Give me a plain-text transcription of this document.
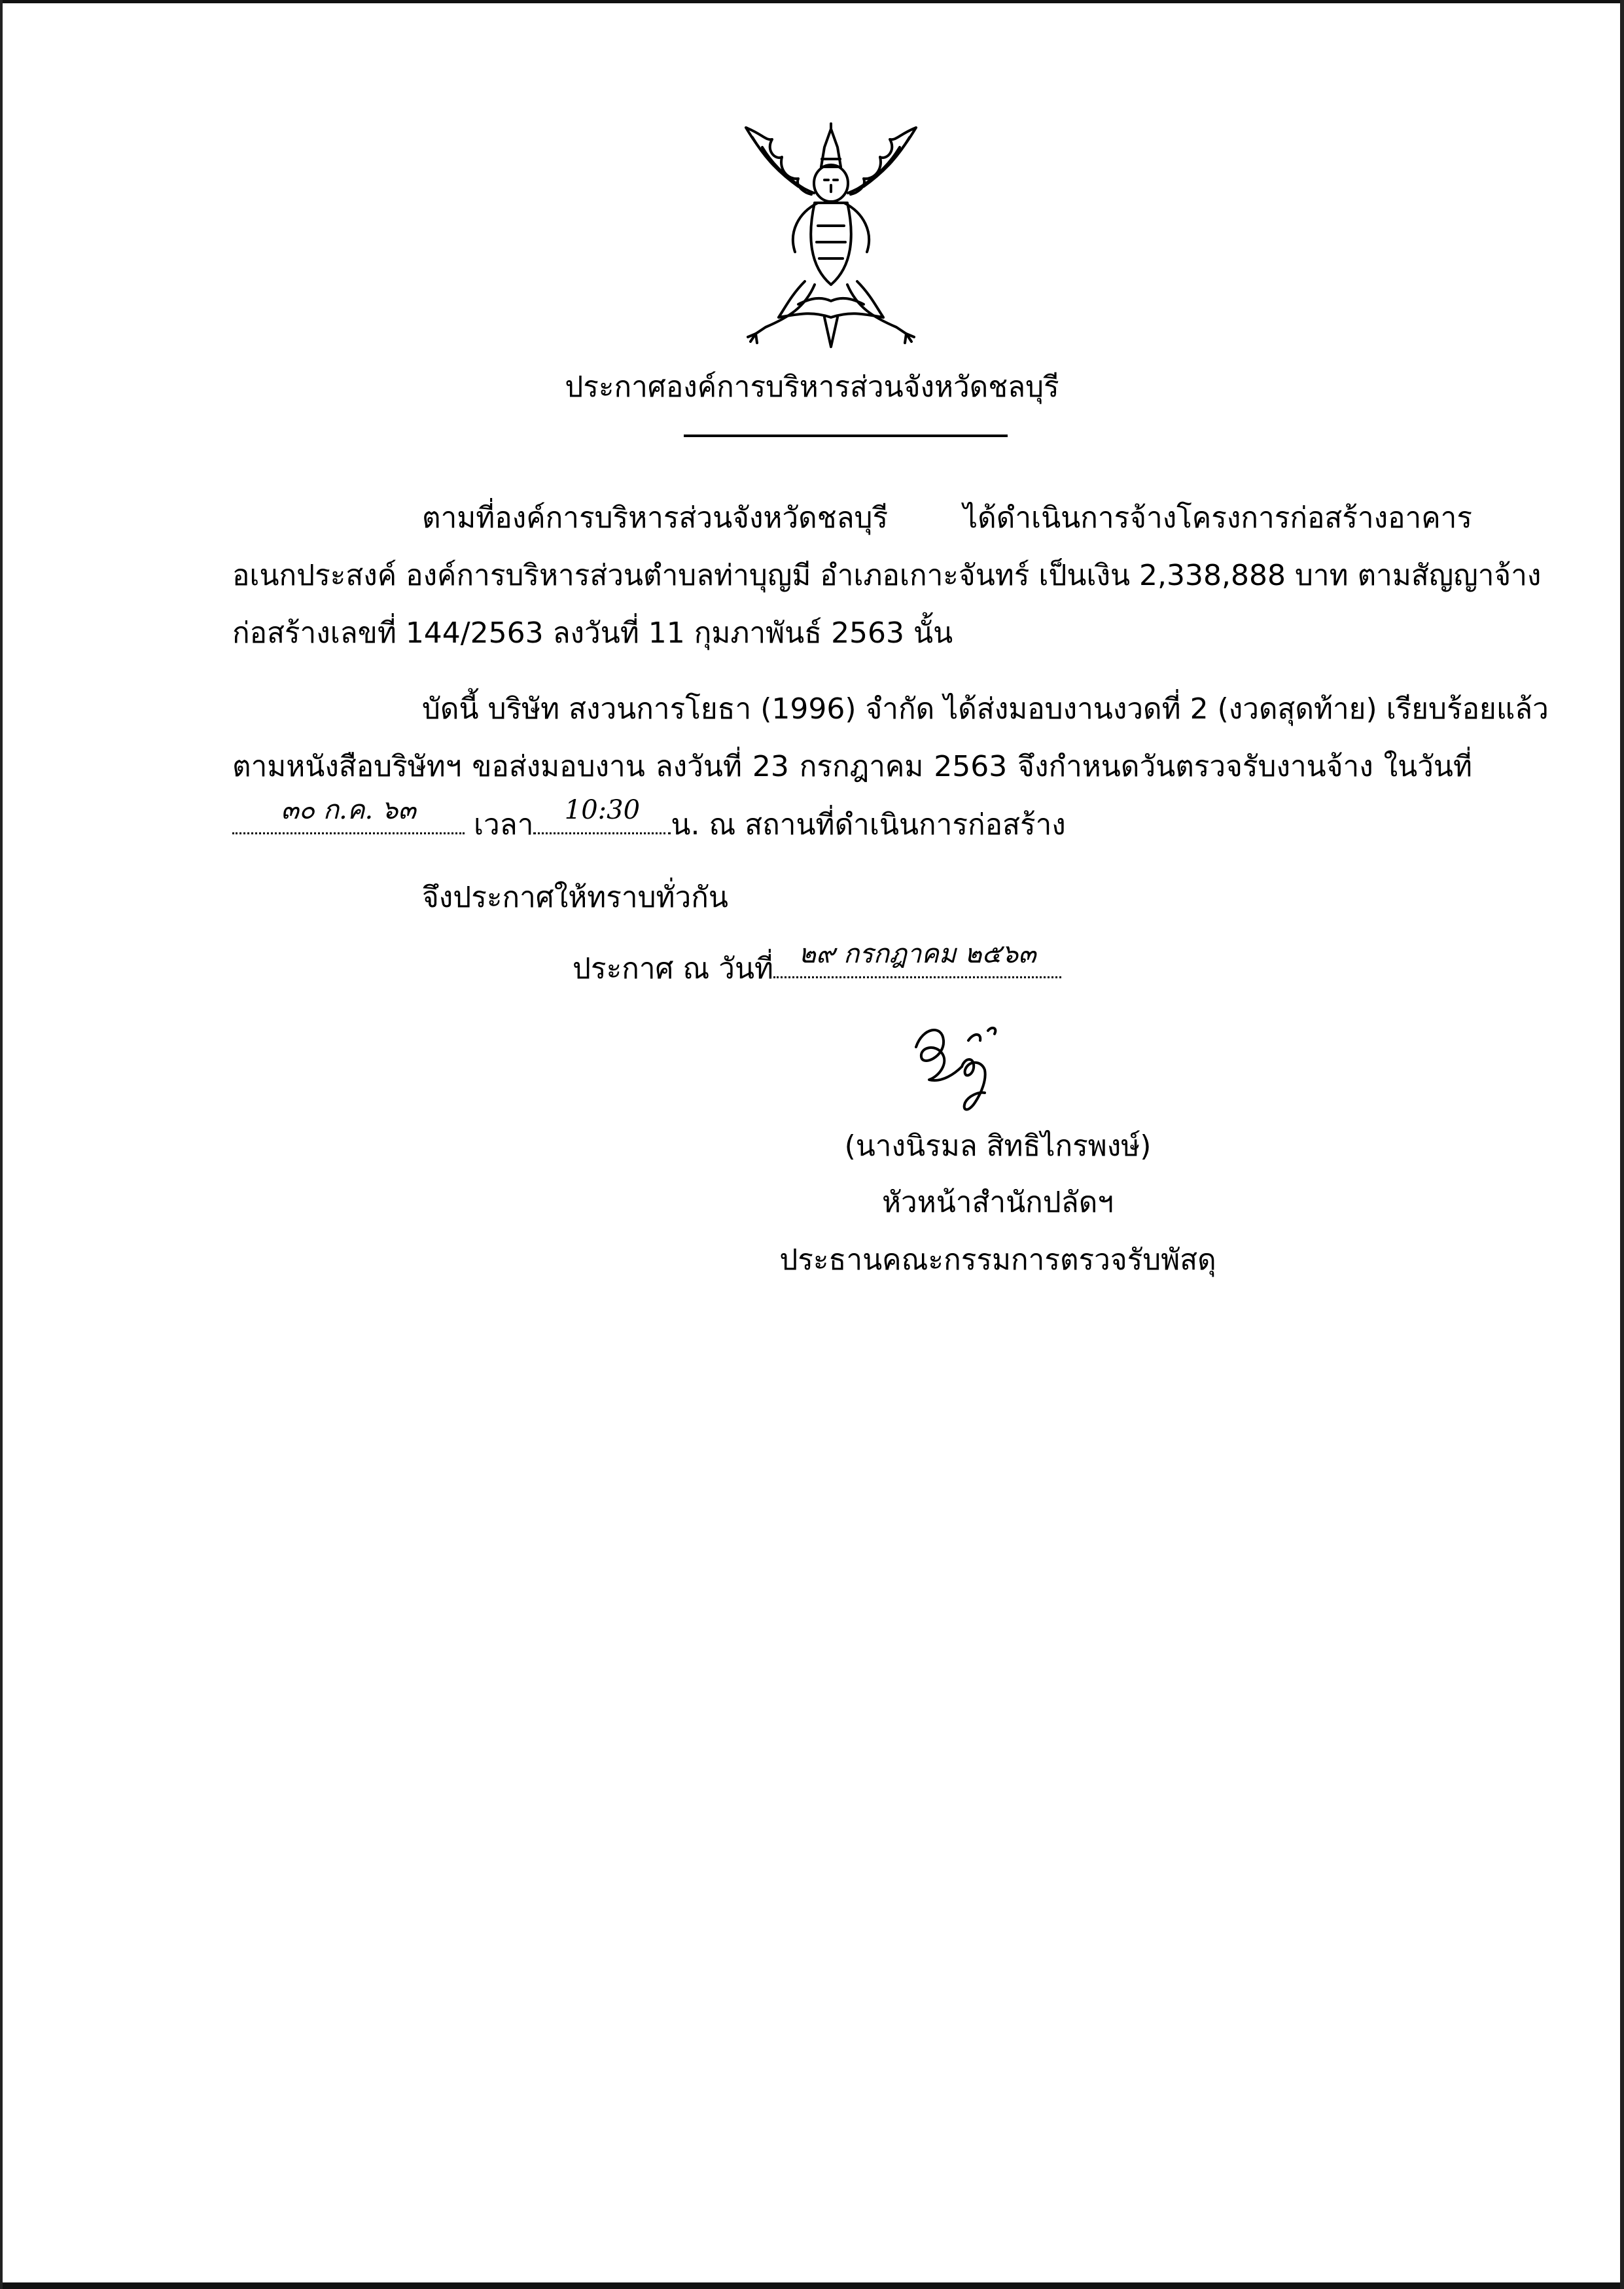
ประกาศองค์การบริหารส่วนจังหวัดชลบุรี
ตามที่องค์การบริหารส่วนจังหวัดชลบุรี ได้ดำเนินการจ้างโครงการก่อสร้างอาคาร
อเนกประสงค์ องค์การบริหารส่วนตำบลท่าบุญมี อำเภอเกาะจันทร์ เป็นเงิน 2,338,888 บาท ตามสัญญาจ้าง
ก่อสร้างเลขที่ 144/2563 ลงวันที่ 11 กุมภาพันธ์ 2563 นั้น
บัดนี้ บริษัท สงวนการโยธา (1996) จำกัด ได้ส่งมอบงานงวดที่ 2 (งวดสุดท้าย) เรียบร้อยแล้ว
ตามหนังสือบริษัทฯ ขอส่งมอบงาน ลงวันที่ 23 กรกฎาคม 2563 จึงกำหนดวันตรวจรับงานจ้าง ในวันที่
๓๐ ก.ค. ๖๓	เวลา	10:30	น. ณ สถานที่ดำเนินการก่อสร้าง
จึงประกาศให้ทราบทั่วกัน
ประกาศ ณ วันที่ ๒๙ กรกฎาคม ๒๕๖๓
(นางนิรมล สิทธิไกรพงษ์)
หัวหน้าสำนักปลัดฯ
ประธานคณะกรรมการตรวจรับพัสดุ
